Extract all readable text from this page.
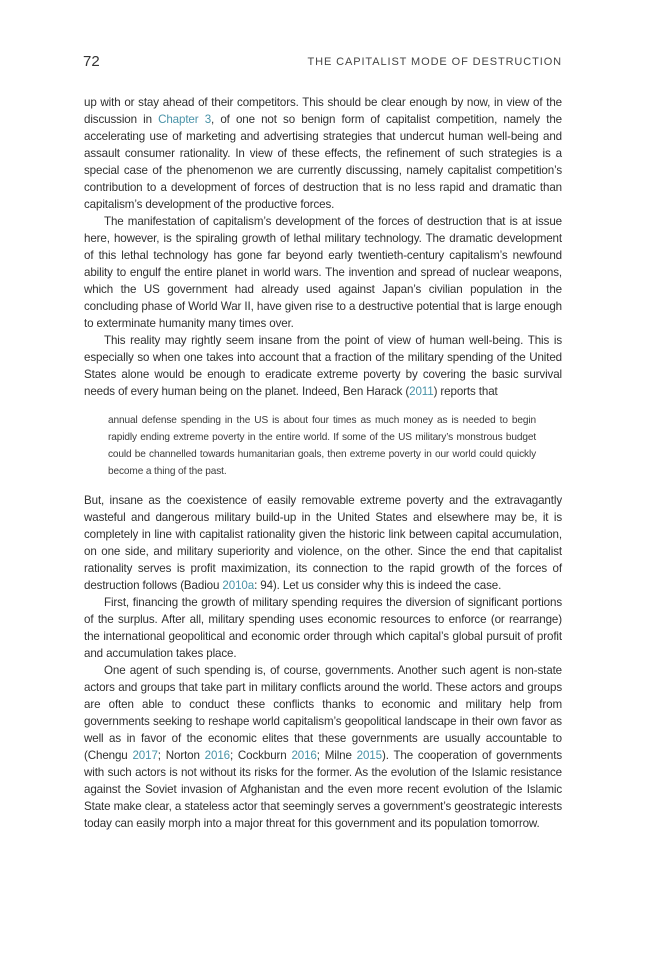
72	THE CAPITALIST MODE OF DESTRUCTION

up with or stay ahead of their competitors. This should be clear enough by now, in view of the discussion in Chapter 3, of one not so benign form of capitalist competition, namely the accelerating use of marketing and advertising strategies that undercut human well-being and assault consumer rationality. In view of these effects, the refinement of such strategies is a special case of the phenomenon we are currently discussing, namely capitalist competition’s contribution to a development of forces of destruction that is no less rapid and dramatic than capitalism’s development of the productive forces.

The manifestation of capitalism’s development of the forces of destruction that is at issue here, however, is the spiraling growth of lethal military technology. The dramatic development of this lethal technology has gone far beyond early twentieth-century capitalism’s newfound ability to engulf the entire planet in world wars. The invention and spread of nuclear weapons, which the US government had already used against Japan’s civilian population in the concluding phase of World War II, have given rise to a destructive potential that is large enough to exterminate humanity many times over.

This reality may rightly seem insane from the point of view of human well-being. This is especially so when one takes into account that a fraction of the military spending of the United States alone would be enough to eradicate extreme poverty by covering the basic survival needs of every human being on the planet. Indeed, Ben Harack (2011) reports that

annual defense spending in the US is about four times as much money as is needed to begin rapidly ending extreme poverty in the entire world. If some of the US military’s monstrous budget could be channelled towards humanitarian goals, then extreme poverty in our world could quickly become a thing of the past.

But, insane as the coexistence of easily removable extreme poverty and the extravagantly wasteful and dangerous military build-up in the United States and elsewhere may be, it is completely in line with capitalist rationality given the historic link between capital accumulation, on one side, and military superiority and violence, on the other. Since the end that capitalist rationality serves is profit maximization, its connection to the rapid growth of the forces of destruction follows (Badiou 2010a: 94). Let us consider why this is indeed the case.

First, financing the growth of military spending requires the diversion of significant portions of the surplus. After all, military spending uses economic resources to enforce (or rearrange) the international geopolitical and economic order through which capital’s global pursuit of profit and accumulation takes place.

One agent of such spending is, of course, governments. Another such agent is non-state actors and groups that take part in military conflicts around the world. These actors and groups are often able to conduct these conflicts thanks to economic and military help from governments seeking to reshape world capitalism’s geopolitical landscape in their own favor as well as in favor of the economic elites that these governments are usually accountable to (Chengu 2017; Norton 2016; Cockburn 2016; Milne 2015). The cooperation of governments with such actors is not without its risks for the former. As the evolution of the Islamic resistance against the Soviet invasion of Afghanistan and the even more recent evolution of the Islamic State make clear, a stateless actor that seemingly serves a government’s geostrategic interests today can easily morph into a major threat for this government and its population tomorrow.
